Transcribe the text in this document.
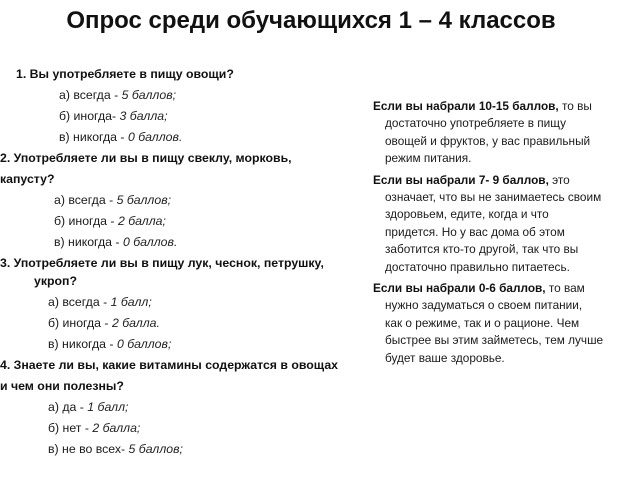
Опрос среди обучающихся 1 – 4 классов
1. Вы употребляете в пищу овощи?
а) всегда - 5 баллов;
б) иногда- 3 балла;
в) никогда - 0 баллов.
2. Употребляете ли вы в пищу свеклу, морковь,
капусту?
а) всегда - 5 баллов;
б) иногда - 2 балла;
в) никогда - 0 баллов.
3. Употребляете ли вы в пищу лук, чеснок, петрушку,
укроп?
а) всегда - 1 балл;
б) иногда - 2 балла.
в) никогда - 0 баллов;
4. Знаете ли вы, какие витамины содержатся в овощах
и чем они полезны?
а) да - 1 балл;
б) нет - 2 балла;
в) не во всех- 5 баллов;

Если вы набрали 10-15 баллов, то вы

достаточно употребляете в пищу

овощей и фруктов, у вас правильный

режим питания.

Если вы набрали 7- 9 баллов, это

означает, что вы не занимаетесь своим

здоровьем, едите, когда и что

придется. Но у вас дома об этом

заботится кто-то другой, так что вы

достаточно правильно питаетесь.

Если вы набрали 0-6 баллов, то вам

нужно задуматься о своем питании,

как о режиме, так и о рационе. Чем

быстрее вы этим займетесь, тем лучше

будет ваше здоровье.
